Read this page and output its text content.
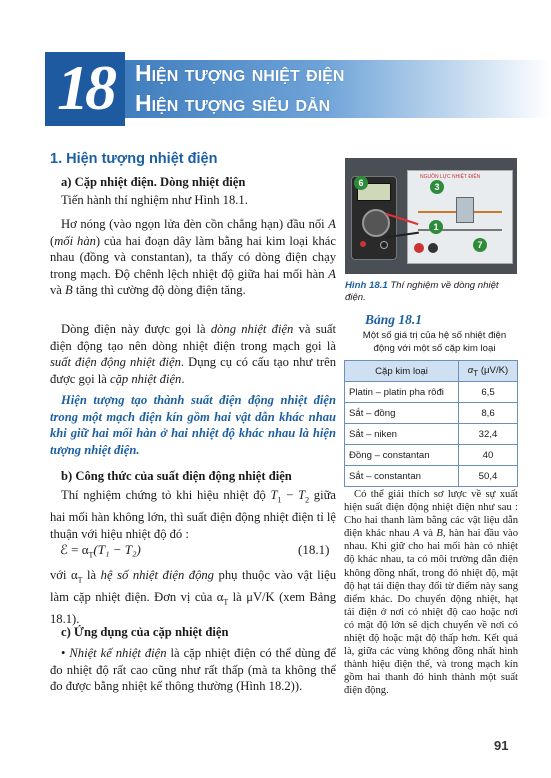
18 Hiện tượng nhiệt điện
Hiện tượng siêu dẫn
1. Hiện tượng nhiệt điện
a) Cặp nhiệt điện. Dòng nhiệt điện

Tiến hành thí nghiệm như Hình 18.1.

Hơ nóng (vào ngọn lửa đèn cồn chẳng hạn) đầu nối A (mối hàn) của hai đoạn dây làm bằng hai kim loại khác nhau (đồng và constantan), ta thấy có dòng điện chạy trong mạch. Độ chênh lệch nhiệt độ giữa hai mối hàn A và B tăng thì cường độ dòng điện tăng.

Dòng điện này được gọi là dòng nhiệt điện và suất điện động tạo nên dòng nhiệt điện trong mạch gọi là suất điện động nhiệt điện. Dụng cụ có cấu tạo như trên được gọi là cặp nhiệt điện.

Hiện tượng tạo thành suất điện động nhiệt điện trong một mạch điện kín gồm hai vật dẫn khác nhau khi giữ hai mối hàn ở hai nhiệt độ khác nhau là hiện tượng nhiệt điện.

b) Công thức của suất điện động nhiệt điện

Thí nghiệm chứng tỏ khi hiệu nhiệt độ $T_1 - T_2$ giữa hai mối hàn không lớn, thì suất điện động nhiệt điện tỉ lệ thuận với hiệu nhiệt độ đó :

ℰ = $\alpha_T(T_1 - T_2)$	(18.1)

với $\alpha_T$ là hệ số nhiệt điện động phụ thuộc vào vật liệu làm cặp nhiệt điện. Đơn vị của $\alpha_T$ là μV/K (xem Bảng 18.1).

c) Ứng dụng của cặp nhiệt điện

• Nhiệt kế nhiệt điện là cặp nhiệt điện có thể dùng để đo nhiệt độ rất cao cũng như rất thấp (mà ta không thể đo được bằng nhiệt kế thông thường (Hình 18.2)).

NGUỒN LỰC NHIỆT ĐIỆN
6	3
1
7
Hình 18.1 Thí nghiệm về dòng nhiệt điện.
Bảng 18.1
Một số giá trị của hệ số nhiệt điện động với một số cặp kim loại
Cặp kim loại	$\alpha_T$ (μV/K)
Platin – platin pha rôđi	6,5
Sắt – đồng	8,6
Sắt – niken	32,4
Đồng – constantan	40
Sắt – constantan	50,4

Có thể giải thích sơ lược về sự xuất hiện suất điện động nhiệt điện như sau : Cho hai thanh làm bằng các vật liệu dẫn điện khác nhau A và B, hàn hai đầu vào nhau. Khi giữ cho hai mối hàn có nhiệt độ khác nhau, ta có môi trường dẫn điện không đồng nhất, trong đó nhiệt độ, mật độ hạt tải điện thay đổi từ điểm này sang điểm khác. Do chuyển động nhiệt, hạt tải điện ở nơi có nhiệt độ cao hoặc nơi có mật độ lớn sẽ dịch chuyển về nơi có nhiệt độ hoặc mật độ thấp hơn. Kết quả là, giữa các vùng không đồng nhất hình thành hiệu điện thế, và trong mạch kín gồm hai thanh đó hình thành một suất điện động.

91
